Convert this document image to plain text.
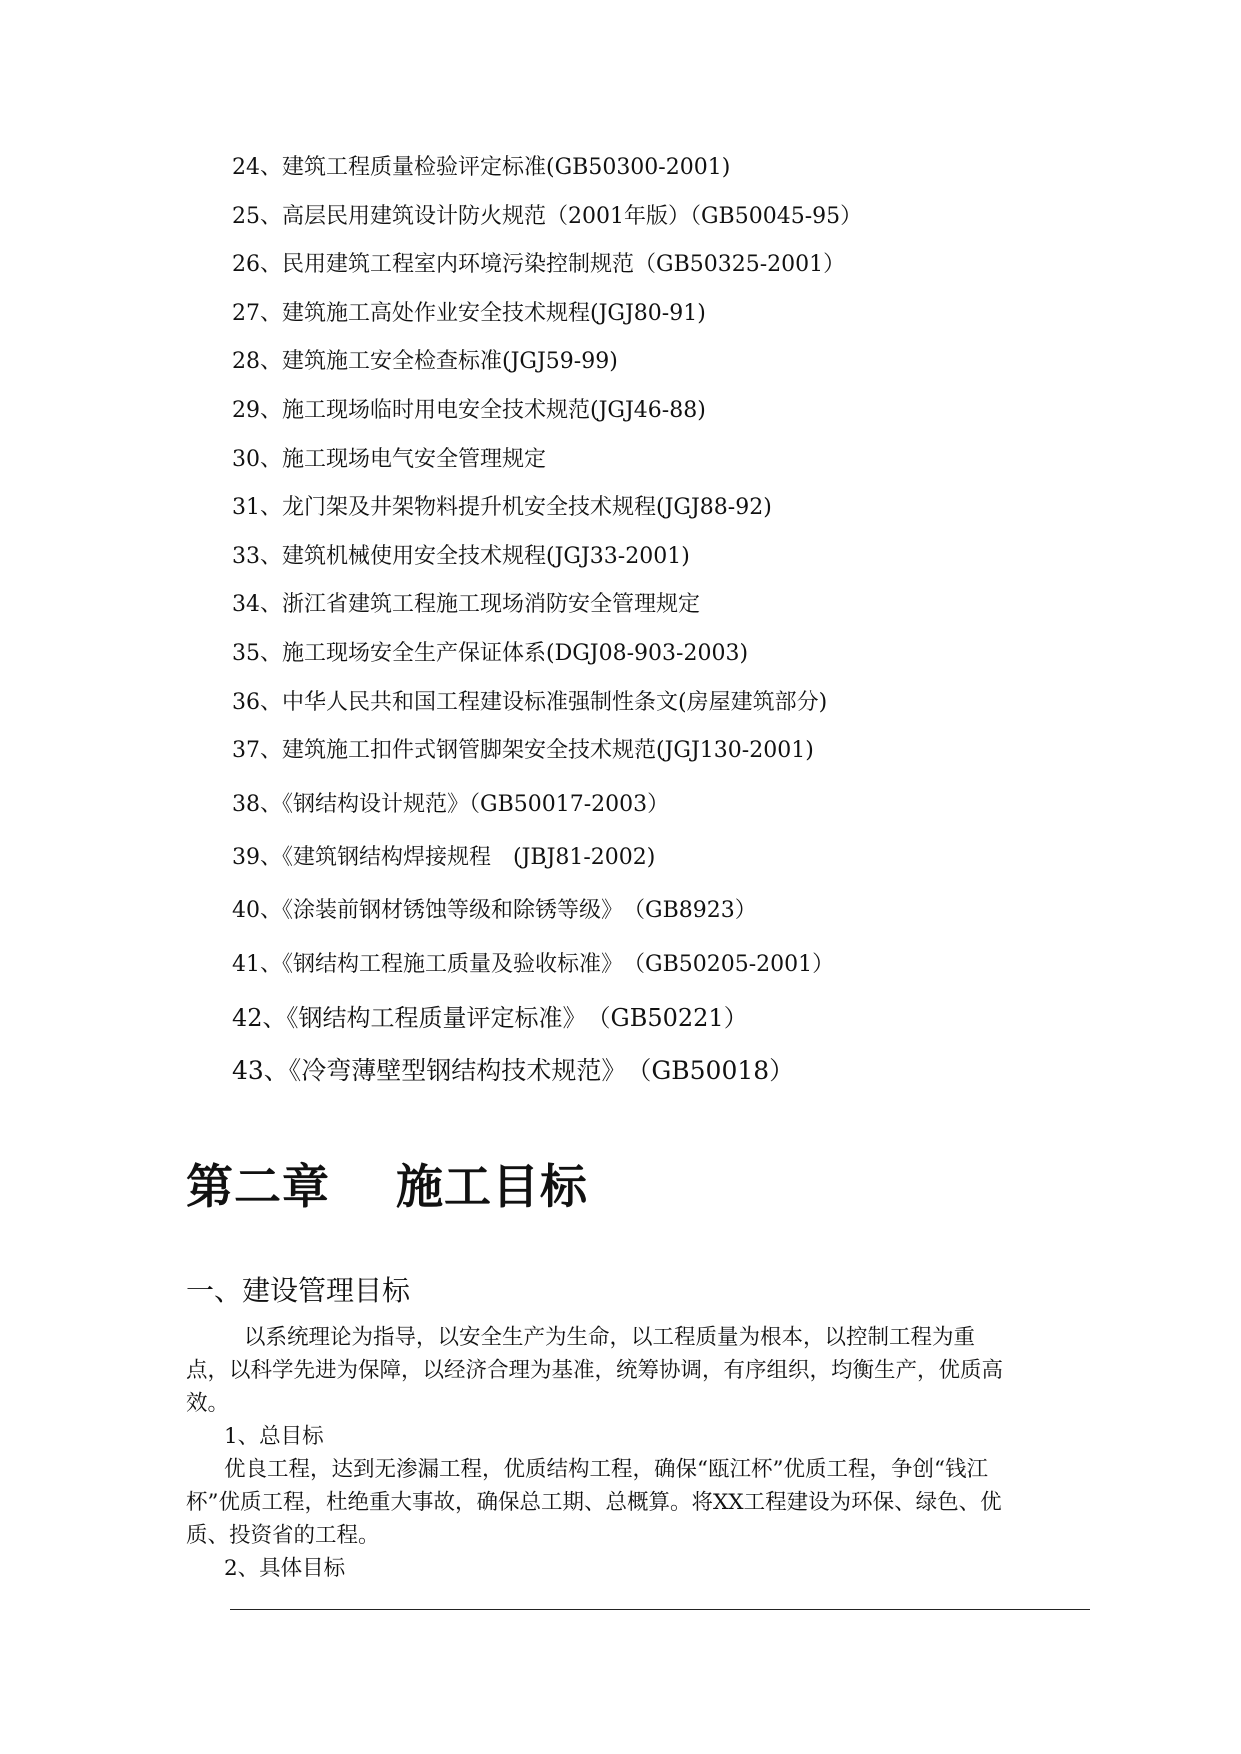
24、建筑工程质量检验评定标准(GB50300-2001)
25、高层民用建筑设计防火规范（2001年版）（GB50045-95）
26、民用建筑工程室内环境污染控制规范（GB50325-2001）
27、建筑施工高处作业安全技术规程(JGJ80-91)
28、建筑施工安全检查标准(JGJ59-99)
29、施工现场临时用电安全技术规范(JGJ46-88)
30、施工现场电气安全管理规定
31、龙门架及井架物料提升机安全技术规程(JGJ88-92)
33、建筑机械使用安全技术规程(JGJ33-2001)
34、浙江省建筑工程施工现场消防安全管理规定
35、施工现场安全生产保证体系(DGJ08-903-2003)
36、中华人民共和国工程建设标准强制性条文(房屋建筑部分)
37、建筑施工扣件式钢管脚架安全技术规范(JGJ130-2001)
38、《钢结构设计规范》（GB50017-2003）
39、《建筑钢结构焊接规程　(JBJ81-2002)
40、《涂装前钢材锈蚀等级和除锈等级》　（GB8923）
41、《钢结构工程施工质量及验收标准》　（GB50205-2001）
42、《钢结构工程质量评定标准》　（GB50221）
43、《冷弯薄壁型钢结构技术规范》　（GB50018）
第二章 施工目标
一、建设管理目标

以系统理论为指导，以安全生产为生命，以工程质量为根本，以控制工程为重点，以科学先进为保障，以经济合理为基准，统筹协调，有序组织，均衡生产，优质高效。

1、总目标

优良工程，达到无渗漏工程，优质结构工程，确保“瓯江杯”优质工程，争创“钱江杯”优质工程，杜绝重大事故，确保总工期、总概算。将XX工程建设为环保、绿色、优质、投资省的工程。

2、具体目标
